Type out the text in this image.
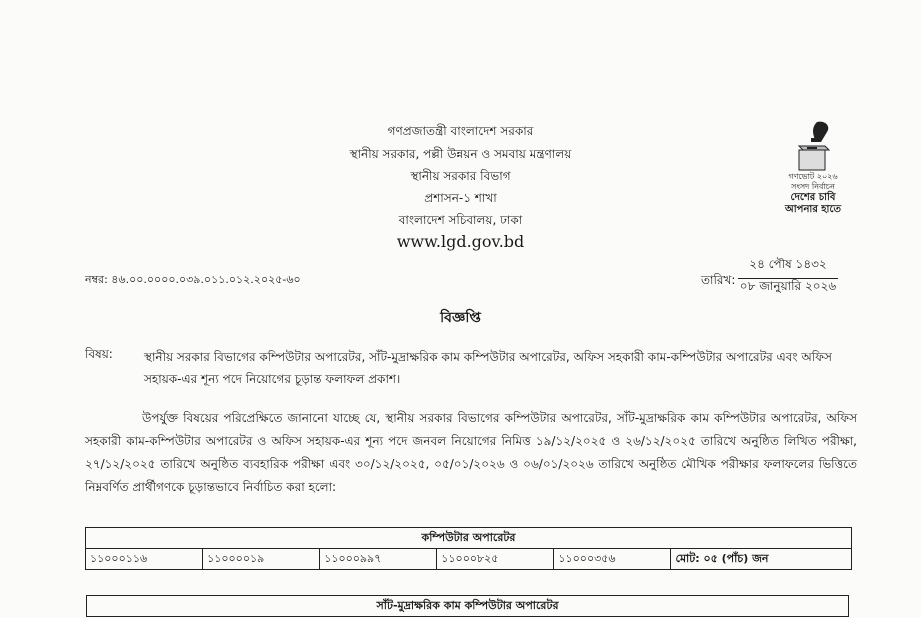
গণপ্রজাতন্ত্রী বাংলাদেশ সরকার
স্থানীয় সরকার, পল্লী উন্নয়ন ও সমবায় মন্ত্রণালয়
স্থানীয় সরকার বিভাগ
প্রশাসন-১ শাখা
বাংলাদেশ সচিবালয়, ঢাকা
www.lgd.gov.bd
গণভোট ২০২৬
সংসদ নির্বাচন
দেশের চাবি
আপনার হাতে
নম্বর: ৪৬.০০.০০০০.০৩৯.০১১.০১২.২০২৫-৬০	তারিখ:
২৪ পৌষ ১৪৩২
০৮ জানুয়ারি ২০২৬
বিজ্ঞপ্তি
বিষয়:	স্থানীয় সরকার বিভাগের কম্পিউটার অপারেটর, সাঁট-মুদ্রাক্ষরিক কাম কম্পিউটার অপারেটর, অফিস সহকারী কাম-কম্পিউটার অপারেটর এবং অফিস সহায়ক-এর শূন্য পদে নিয়োগের চূড়ান্ত ফলাফল প্রকাশ।
উপর্যুক্ত বিষয়ের পরিপ্রেক্ষিতে জানানো যাচ্ছে যে, স্থানীয় সরকার বিভাগের কম্পিউটার অপারেটর, সাঁট-মুদ্রাক্ষরিক কাম কম্পিউটার অপারেটর, অফিস সহকারী কাম-কম্পিউটার অপারেটর ও অফিস সহায়ক-এর শূন্য পদে জনবল নিয়োগের নিমিত্ত ১৯/১২/২০২৫ ও ২৬/১২/২০২৫ তারিখে অনুষ্ঠিত লিখিত পরীক্ষা, ২৭/১২/২০২৫ তারিখে অনুষ্ঠিত ব্যবহারিক পরীক্ষা এবং ৩০/১২/২০২৫, ০৫/০১/২০২৬ ও ০৬/০১/২০২৬ তারিখে অনুষ্ঠিত মৌখিক পরীক্ষার ফলাফলের ভিত্তিতে নিম্নবর্ণিত প্রার্থীগণকে চূড়ান্তভাবে নির্বাচিত করা হলো:
কম্পিউটার অপারেটর
১১০০০১১৬	১১০০০০১৯	১১০০০৯৯৭	১১০০০৮২৫	১১০০০৩৫৬	মোট: ০৫ (পাঁচ) জন
সাঁট-মুদ্রাক্ষরিক কাম কম্পিউটার অপারেটর
